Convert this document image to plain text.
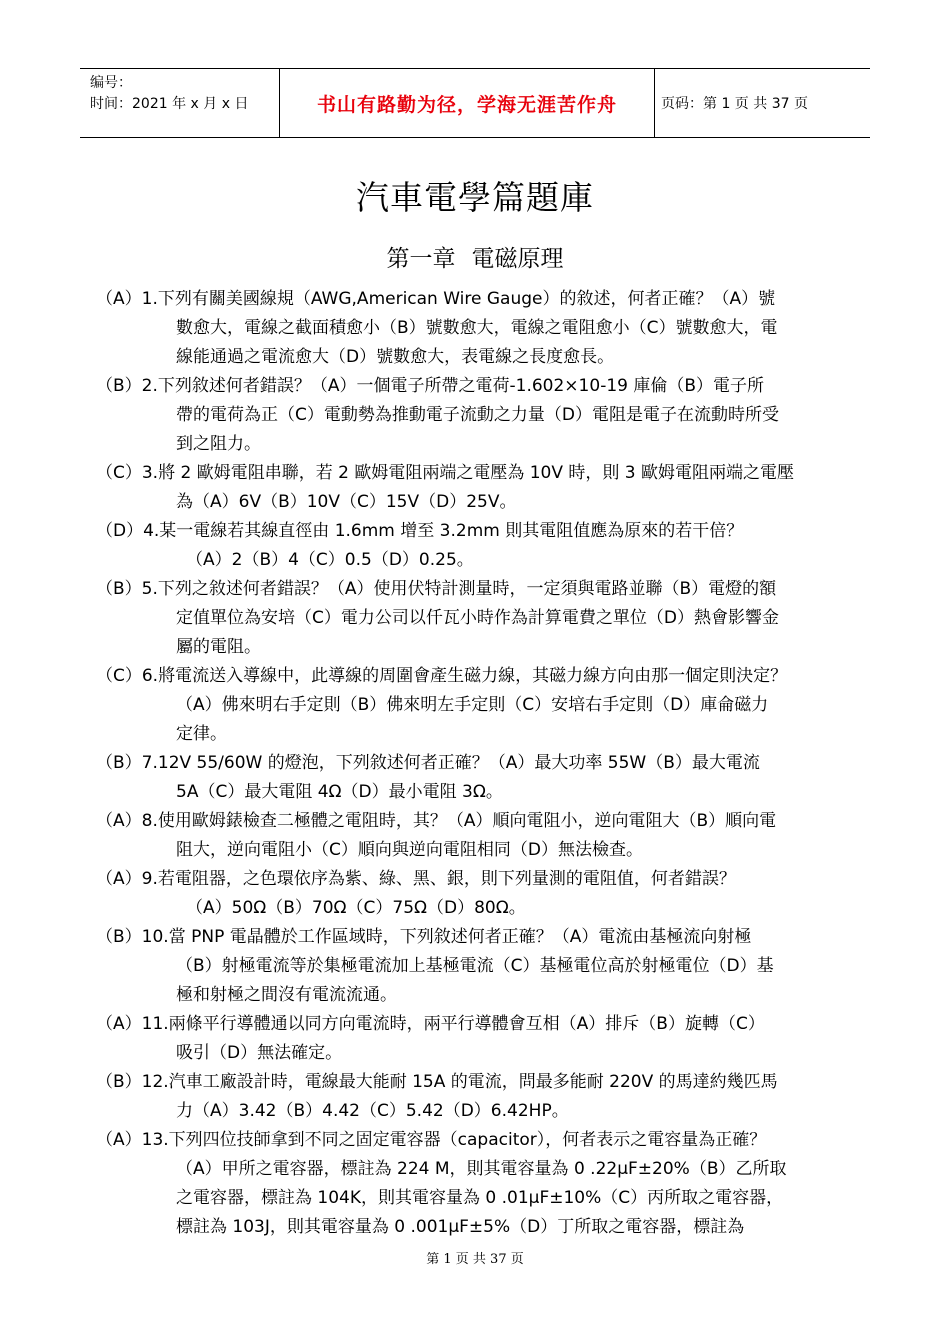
编号：
时间：2021 年 x 月 x 日	书山有路勤为径，学海无涯苦作舟	页码：第 1 页 共 37 页
汽車電學篇題庫
第一章 電磁原理
（A）1.下列有關美國線規（AWG,American Wire Gauge）的敘述，何者正確？（A）號
數愈大，電線之截面積愈小（B）號數愈大，電線之電阻愈小（C）號數愈大，電
線能通過之電流愈大（D）號數愈大，表電線之長度愈長。
（B）2.下列敘述何者錯誤？（A）一個電子所帶之電荷-1.602×10-19 庫倫（B）電子所
帶的電荷為正（C）電動勢為推動電子流動之力量（D）電阻是電子在流動時所受
到之阻力。
（C）3.將 2 歐姆電阻串聯，若 2 歐姆電阻兩端之電壓為 10V 時，則 3 歐姆電阻兩端之電壓
為（A）6V（B）10V（C）15V（D）25V。
（D）4.某一電線若其線直徑由 1.6mm 增至 3.2mm 則其電阻值應為原來的若干倍？
（A）2（B）4（C）0.5（D）0.25。
（B）5.下列之敘述何者錯誤？（A）使用伏特計測量時，一定須與電路並聯（B）電燈的額
定值單位為安培（C）電力公司以仟瓦小時作為計算電費之單位（D）熱會影響金
屬的電阻。
（C）6.將電流送入導線中，此導線的周圍會產生磁力線，其磁力線方向由那一個定則決定？
（A）佛來明右手定則（B）佛來明左手定則（C）安培右手定則（D）庫侖磁力
定律。
（B）7.12V 55/60W 的燈泡，下列敘述何者正確？（A）最大功率 55W（B）最大電流
5A（C）最大電阻 4Ω（D）最小電阻 3Ω。
（A）8.使用歐姆錶檢查二極體之電阻時，其？（A）順向電阻小，逆向電阻大（B）順向電
阻大，逆向電阻小（C）順向與逆向電阻相同（D）無法檢查。
（A）9.若電阻器，之色環依序為紫、綠、黑、銀，則下列量測的電阻值，何者錯誤？
（A）50Ω（B）70Ω（C）75Ω（D）80Ω。
（B）10.當 PNP 電晶體於工作區域時，下列敘述何者正確？（A）電流由基極流向射極
（B）射極電流等於集極電流加上基極電流（C）基極電位高於射極電位（D）基
極和射極之間沒有電流流通。
（A）11.兩條平行導體通以同方向電流時，兩平行導體會互相（A）排斥（B）旋轉（C）
吸引（D）無法確定。
（B）12.汽車工廠設計時，電線最大能耐 15A 的電流，問最多能耐 220V 的馬達約幾匹馬
力（A）3.42（B）4.42（C）5.42（D）6.42HP。
（A）13.下列四位技師拿到不同之固定電容器（capacitor），何者表示之電容量為正確？
（A）甲所之電容器，標註為 224 M，則其電容量為 0 .22μF±20%（B）乙所取
之電容器，標註為 104K，則其電容量為 0 .01μF±10%（C）丙所取之電容器，
標註為 103J，則其電容量為 0 .001μF±5%（D）丁所取之電容器，標註為
第 1 页 共 37 页
